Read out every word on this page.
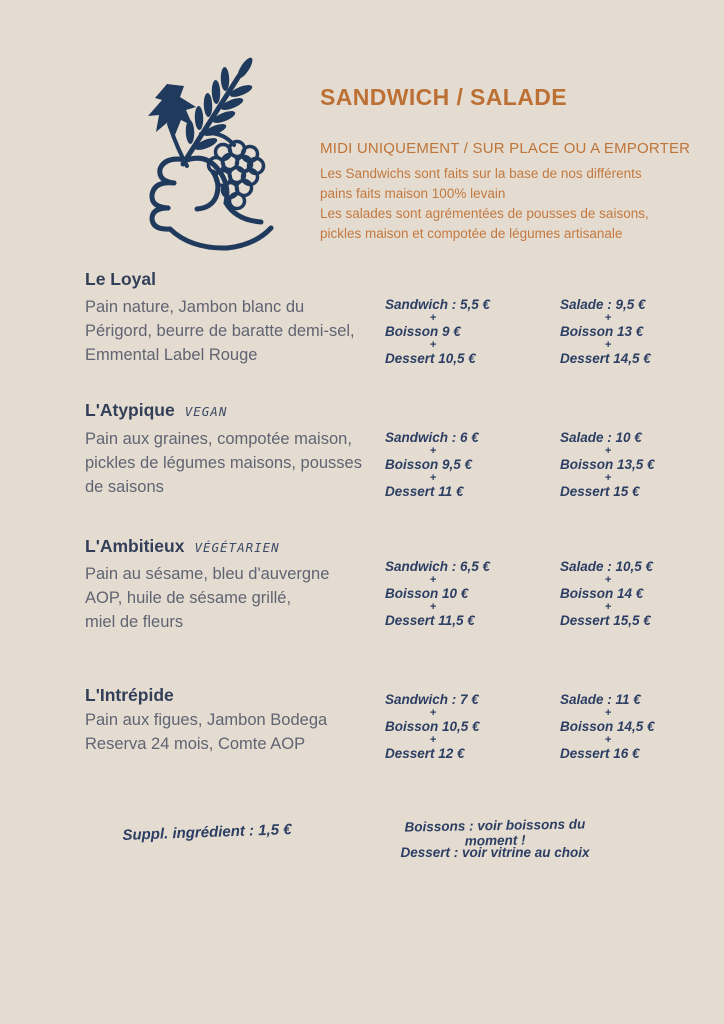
SANDWICH / SALADE
MIDI UNIQUEMENT / SUR PLACE OU A EMPORTER
Les Sandwichs sont faits sur la base de nos différents pains faits maison 100% levain
Les salades sont agrémentées de pousses de saisons, pickles maison et compotée de légumes artisanale
Le Loyal
Pain nature, Jambon blanc du
Périgord, beurre de baratte demi-sel,
Emmental Label Rouge
Sandwich : 5,5 €
+
Boisson 9 €
+
Dessert 10,5 €
Salade : 9,5 €
+
Boisson 13 €
+
Dessert 14,5 €
L'Atypique VEGAN
Pain aux graines, compotée maison,
pickles de légumes maisons, pousses
de saisons
Sandwich : 6 €
+
Boisson 9,5 €
+
Dessert 11 €
Salade : 10 €
+
Boisson 13,5 €
+
Dessert 15 €
L'Ambitieux VÉGÉTARIEN
Pain au sésame, bleu d'auvergne
AOP, huile de sésame grillé,
miel de fleurs
Sandwich : 6,5 €
+
Boisson 10 €
+
Dessert 11,5 €
Salade : 10,5 €
+
Boisson 14 €
+
Dessert 15,5 €
L'Intrépide
Pain aux figues, Jambon Bodega
Reserva 24 mois, Comte AOP
Sandwich : 7 €
+
Boisson 10,5 €
+
Dessert 12 €
Salade : 11 €
+
Boisson 14,5 €
+
Dessert 16 €
Suppl. ingrédient : 1,5 €	Boissons : voir boissons du moment !
Dessert : voir vitrine au choix
